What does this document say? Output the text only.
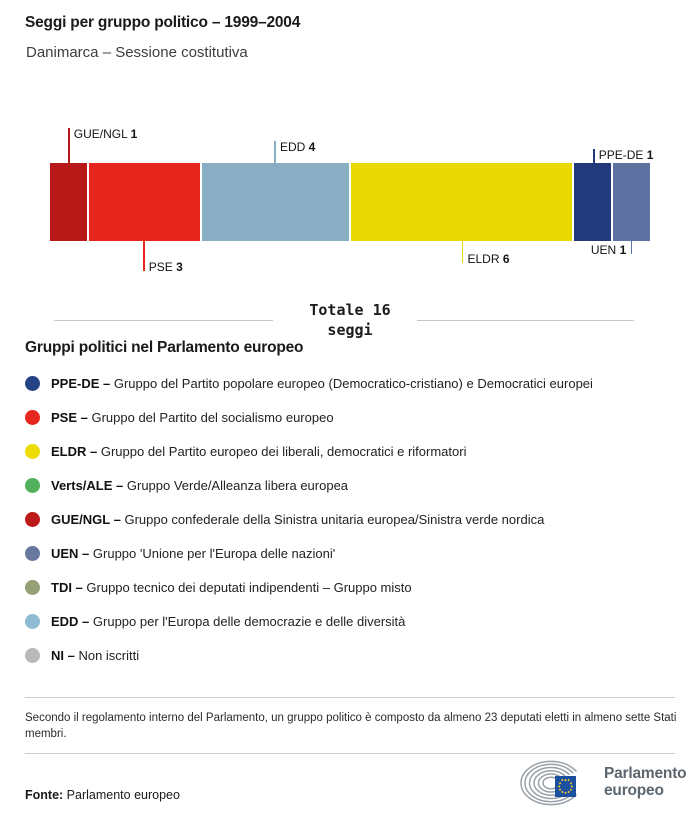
Seggi per gruppo politico – 1999–2004
Danimarca – Sessione costitutiva
GUE/NGL 1
PSE 3
EDD 4
ELDR 6
PPE-DE 1
UEN 1
Totale 16
seggi
Gruppi politici nel Parlamento europeo
PPE-DE – Gruppo del Partito popolare europeo (Democratico-cristiano) e Democratici europei
PSE – Gruppo del Partito del socialismo europeo
ELDR – Gruppo del Partito europeo dei liberali, democratici e riformatori
Verts/ALE – Gruppo Verde/Alleanza libera europea
GUE/NGL – Gruppo confederale della Sinistra unitaria europea/Sinistra verde nordica
UEN – Gruppo 'Unione per l'Europa delle nazioni'
TDI – Gruppo tecnico dei deputati indipendenti – Gruppo misto
EDD – Gruppo per l'Europa delle democrazie e delle diversità
NI – Non iscritti
Secondo il regolamento interno del Parlamento, un gruppo politico è composto da almeno 23 deputati eletti in almeno sette Stati membri.
Fonte: Parlamento europeo
Parlamento
europeo
